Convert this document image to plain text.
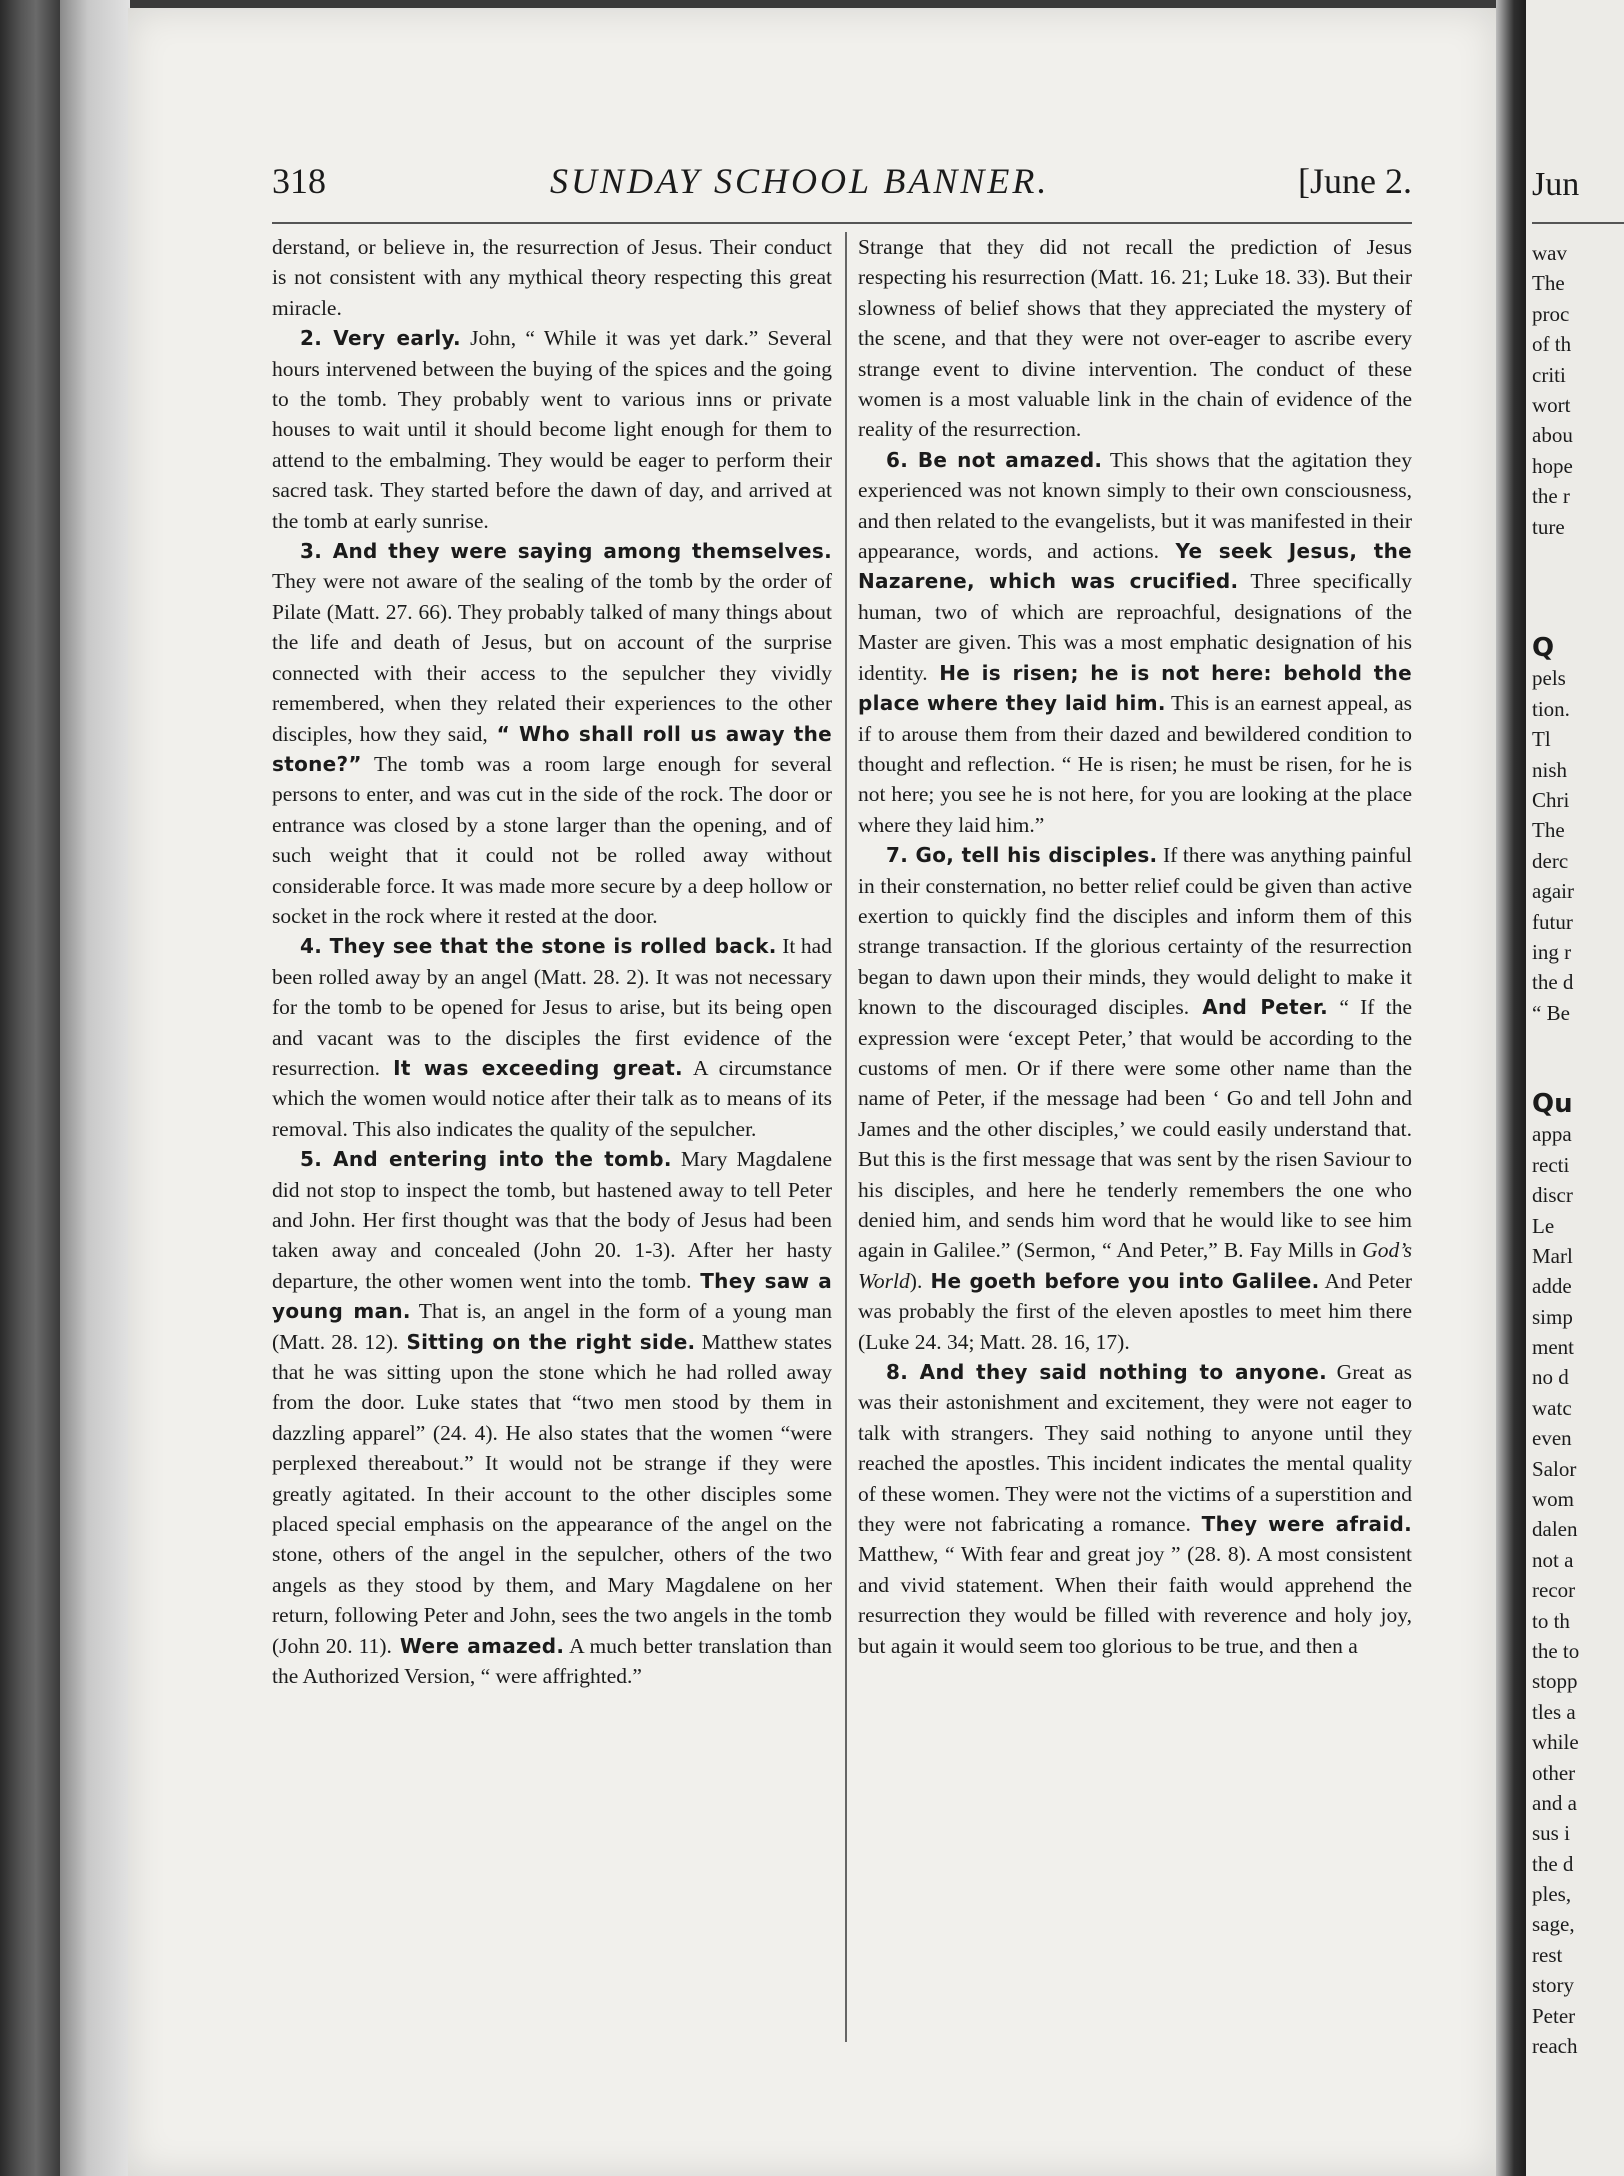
318	SUNDAY SCHOOL BANNER.	[June 2.

derstand, or believe in, the resurrection of Jesus. Their conduct is not consistent with any mythical theory respecting this great miracle.

2. Very early. John, “ While it was yet dark.” Several hours intervened between the buying of the spices and the going to the tomb. They probably went to various inns or private houses to wait until it should become light enough for them to attend to the embalming. They would be eager to perform their sacred task. They started before the dawn of day, and arrived at the tomb at early sunrise.

3. And they were saying among themselves. They were not aware of the sealing of the tomb by the order of Pilate (Matt. 27. 66). They probably talked of many things about the life and death of Jesus, but on account of the surprise connected with their access to the sepulcher they vividly remembered, when they related their experiences to the other disciples, how they said, “ Who shall roll us away the stone?” The tomb was a room large enough for several persons to enter, and was cut in the side of the rock. The door or entrance was closed by a stone larger than the opening, and of such weight that it could not be rolled away without considerable force. It was made more secure by a deep hollow or socket in the rock where it rested at the door.

4. They see that the stone is rolled back. It had been rolled away by an angel (Matt. 28. 2). It was not necessary for the tomb to be opened for Jesus to arise, but its being open and vacant was to the disciples the first evidence of the resurrection. It was exceeding great. A circumstance which the women would notice after their talk as to means of its removal. This also indicates the quality of the sepulcher.

5. And entering into the tomb. Mary Magdalene did not stop to inspect the tomb, but hastened away to tell Peter and John. Her first thought was that the body of Jesus had been taken away and concealed (John 20. 1-3). After her hasty departure, the other women went into the tomb. They saw a young man. That is, an angel in the form of a young man (Matt. 28. 12). Sitting on the right side. Matthew states that he was sitting upon the stone which he had rolled away from the door. Luke states that “two men stood by them in dazzling apparel” (24. 4). He also states that the women “were perplexed thereabout.” It would not be strange if they were greatly agitated. In their account to the other disciples some placed special emphasis on the appearance of the angel on the stone, others of the angel in the sepulcher, others of the two angels as they stood by them, and Mary Magdalene on her return, following Peter and John, sees the two angels in the tomb (John 20. 11). Were amazed. A much better translation than the Authorized Version, “ were affrighted.”

Strange that they did not recall the prediction of Jesus respecting his resurrection (Matt. 16. 21; Luke 18. 33). But their slowness of belief shows that they appreciated the mystery of the scene, and that they were not over-eager to ascribe every strange event to divine intervention. The conduct of these women is a most valuable link in the chain of evidence of the reality of the resurrection.

6. Be not amazed. This shows that the agitation they experienced was not known simply to their own consciousness, and then related to the evangelists, but it was manifested in their appearance, words, and actions. Ye seek Jesus, the Nazarene, which was crucified. Three specifically human, two of which are reproachful, designations of the Master are given. This was a most emphatic designation of his identity. He is risen; he is not here: behold the place where they laid him. This is an earnest appeal, as if to arouse them from their dazed and bewildered condition to thought and reflection. “ He is risen; he must be risen, for he is not here; you see he is not here, for you are looking at the place where they laid him.”

7. Go, tell his disciples. If there was anything painful in their consternation, no better relief could be given than active exertion to quickly find the disciples and inform them of this strange transaction. If the glorious certainty of the resurrection began to dawn upon their minds, they would delight to make it known to the discouraged disciples. And Peter. “ If the expression were ‘except Peter,’ that would be according to the customs of men. Or if there were some other name than the name of Peter, if the message had been ‘ Go and tell John and James and the other disciples,’ we could easily understand that. But this is the first message that was sent by the risen Saviour to his disciples, and here he tenderly remembers the one who denied him, and sends him word that he would like to see him again in Galilee.” (Sermon, “ And Peter,” B. Fay Mills in God’s World). He goeth before you into Galilee. And Peter was probably the first of the eleven apostles to meet him there (Luke 24. 34; Matt. 28. 16, 17).

8. And they said nothing to anyone. Great as was their astonishment and excitement, they were not eager to talk with strangers. They said nothing to anyone until they reached the apostles. This incident indicates the mental quality of these women. They were not the victims of a superstition and they were not fabricating a romance. They were afraid. Matthew, “ With fear and great joy ” (28. 8). A most consistent and vivid statement. When their faith would apprehend the resurrection they would be filled with reverence and holy joy, but again it would seem too glorious to be true, and then a

Jun
wav
The
proc
of th
criti
wort
abou
hope
the r
ture
Q
pels
tion.
Tl
nish
Chri
The
derc
agair
futur
ing r
the d
“ Be
Qu
appa
recti
discr
Le
Marl
adde
simp
ment
no d
watc
even
Salor
wom
dalen
not a
recor
to th
the to
stopp
tles a
while
other
and a
sus i
the d
ples,
sage,
rest
story
Peter
reach
